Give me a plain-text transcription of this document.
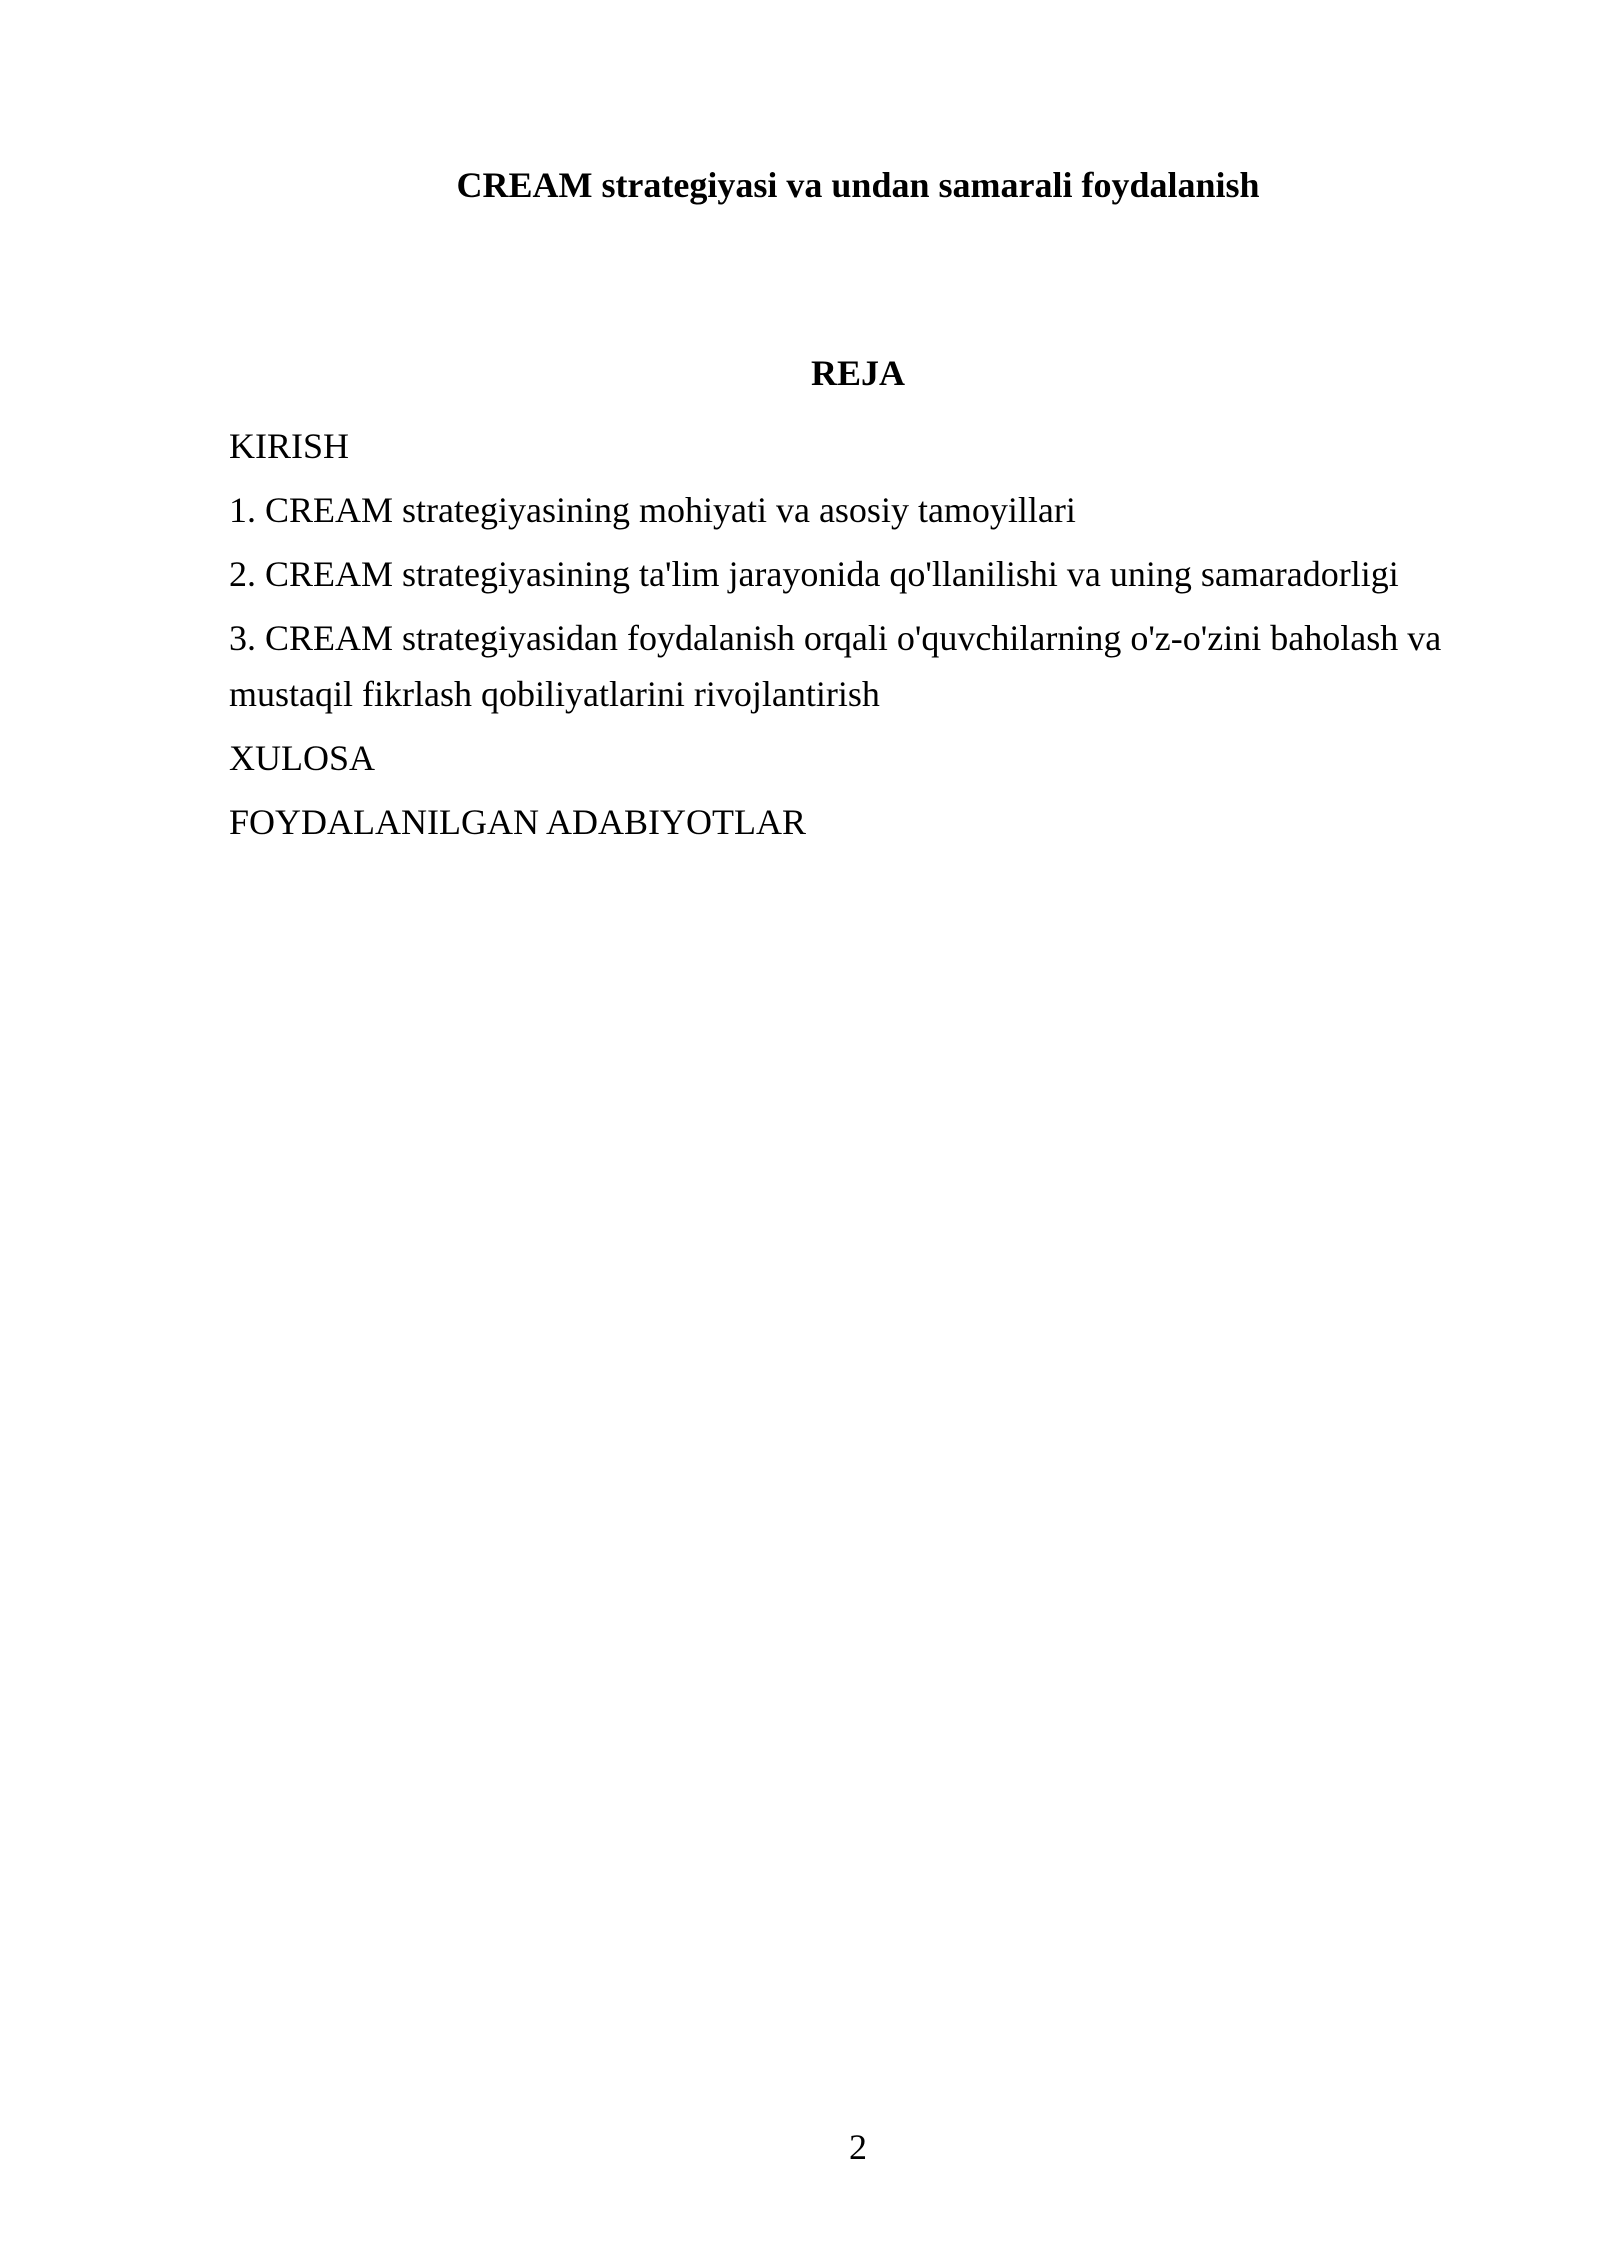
CREAM strategiyasi va undan samarali foydalanish
REJA
KIRISH
1. CREAM strategiyasining mohiyati va asosiy tamoyillari
2. CREAM strategiyasining ta'lim jarayonida qo'llanilishi va uning samaradorligi
3. CREAM strategiyasidan foydalanish orqali o'quvchilarning o'z-o'zini baholash va mustaqil fikrlash qobiliyatlarini rivojlantirish
XULOSA
FOYDALANILGAN ADABIYOTLAR
2
